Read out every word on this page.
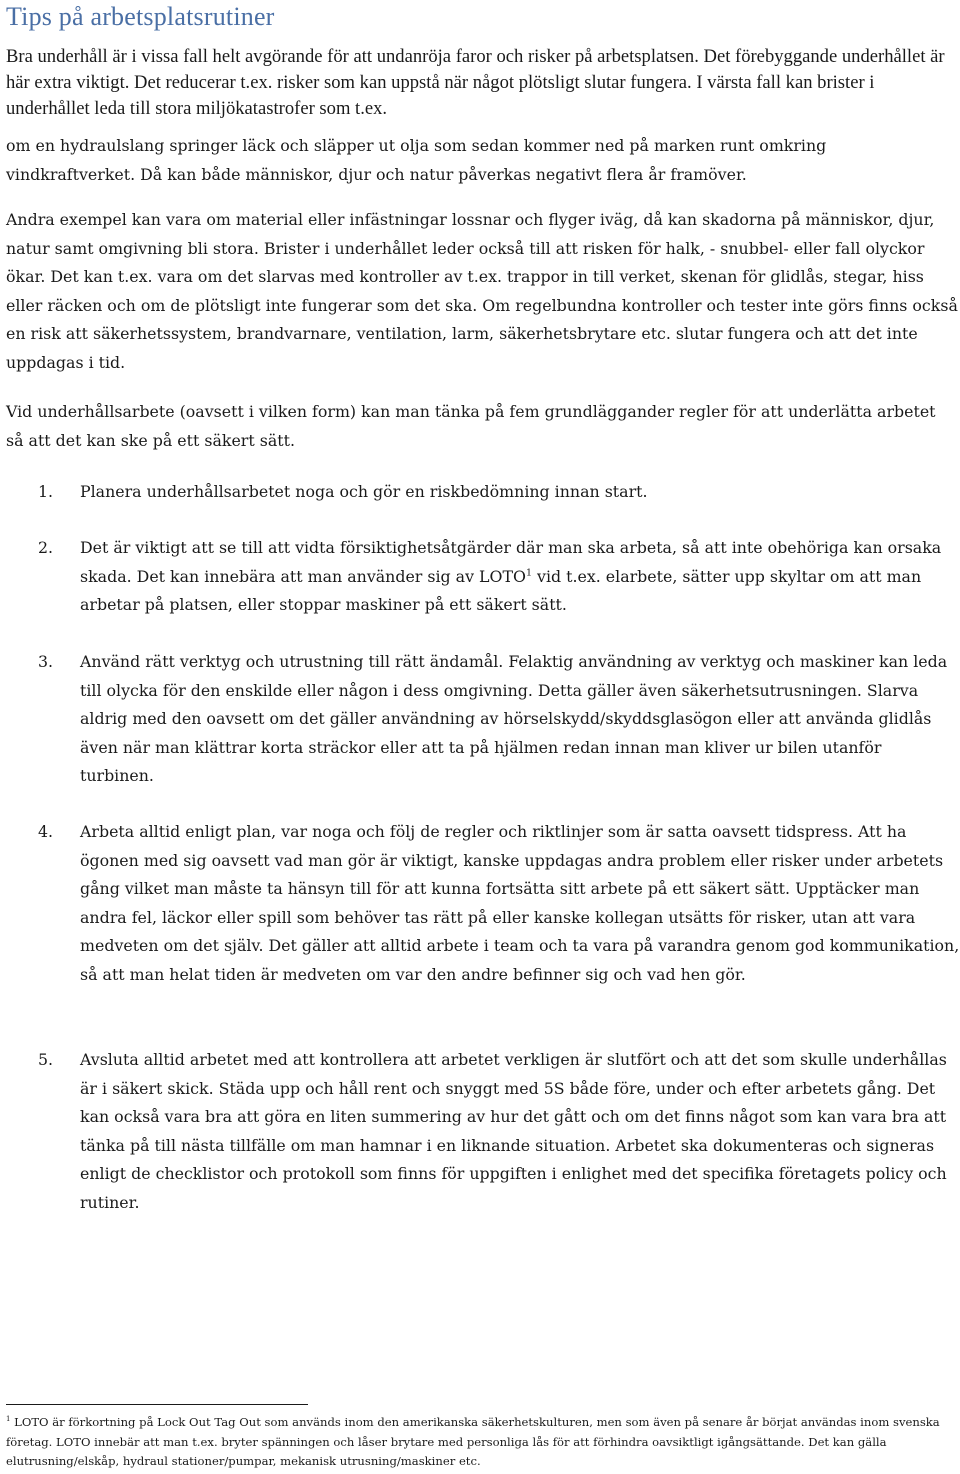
Tips på arbetsplatsrutiner

Bra underhåll är i vissa fall helt avgörande för att undanröja faror och risker på arbetsplatsen. Det förebyggande underhållet är här extra viktigt. Det reducerar t.ex. risker som kan uppstå när något plötsligt slutar fungera. I värsta fall kan brister i underhållet leda till stora miljökatastrofer som t.ex.

om en hydraulslang springer läck och släpper ut olja som sedan kommer ned på marken runt omkring vindkraftverket. Då kan både människor, djur och natur påverkas negativt flera år framöver.

Andra exempel kan vara om material eller infästningar lossnar och flyger iväg, då kan skadorna på människor, djur, natur samt omgivning bli stora. Brister i underhållet leder också till att risken för halk, - snubbel- eller fall olyckor ökar. Det kan t.ex. vara om det slarvas med kontroller av t.ex. trappor in till verket, skenan för glidlås, stegar, hiss eller räcken och om de plötsligt inte fungerar som det ska. Om regelbundna kontroller och tester inte görs finns också en risk att säkerhetssystem, brandvarnare, ventilation, larm, säkerhetsbrytare etc. slutar fungera och att det inte uppdagas i tid.

Vid underhållsarbete (oavsett i vilken form) kan man tänka på fem grundläggander regler för att underlätta arbetet så att det kan ske på ett säkert sätt.

1. Planera underhållsarbetet noga och gör en riskbedömning innan start.

2. Det är viktigt att se till att vidta försiktighetsåtgärder där man ska arbeta, så att inte obehöriga kan orsaka skada. Det kan innebära att man använder sig av LOTO$^1$ vid t.ex. elarbete, sätter upp skyltar om att man arbetar på platsen, eller stoppar maskiner på ett säkert sätt.

3. Använd rätt verktyg och utrustning till rätt ändamål. Felaktig användning av verktyg och maskiner kan leda till olycka för den enskilde eller någon i dess omgivning. Detta gäller även säkerhetsutrusningen. Slarva aldrig med den oavsett om det gäller användning av hörselskydd/skyddsglasögon eller att använda glidlås även när man klättrar korta sträckor eller att ta på hjälmen redan innan man kliver ur bilen utanför turbinen.

4. Arbeta alltid enligt plan, var noga och följ de regler och riktlinjer som är satta oavsett tidspress. Att ha ögonen med sig oavsett vad man gör är viktigt, kanske uppdagas andra problem eller risker under arbetets gång vilket man måste ta hänsyn till för att kunna fortsätta sitt arbete på ett säkert sätt. Upptäcker man andra fel, läckor eller spill som behöver tas rätt på eller kanske kollegan utsätts för risker, utan att vara medveten om det själv. Det gäller att alltid arbete i team och ta vara på varandra genom god kommunikation, så att man helat tiden är medveten om var den andre befinner sig och vad hen gör.

5. Avsluta alltid arbetet med att kontrollera att arbetet verkligen är slutfört och att det som skulle underhållas är i säkert skick. Städa upp och håll rent och snyggt med 5S både före, under och efter arbetets gång. Det kan också vara bra att göra en liten summering av hur det gått och om det finns något som kan vara bra att tänka på till nästa tillfälle om man hamnar i en liknande situation. Arbetet ska dokumenteras och signeras enligt de checklistor och protokoll som finns för uppgiften i enlighet med det specifika företagets policy och rutiner.

$^1$ LOTO är förkortning på Lock Out Tag Out som används inom den amerikanska säkerhetskulturen, men som även på senare år börjat användas inom svenska företag. LOTO innebär att man t.ex. bryter spänningen och låser brytare med personliga lås för att förhindra oavsiktligt igångsättande. Det kan gälla elutrusning/elskåp, hydraul stationer/pumpar, mekanisk utrusning/maskiner etc.
